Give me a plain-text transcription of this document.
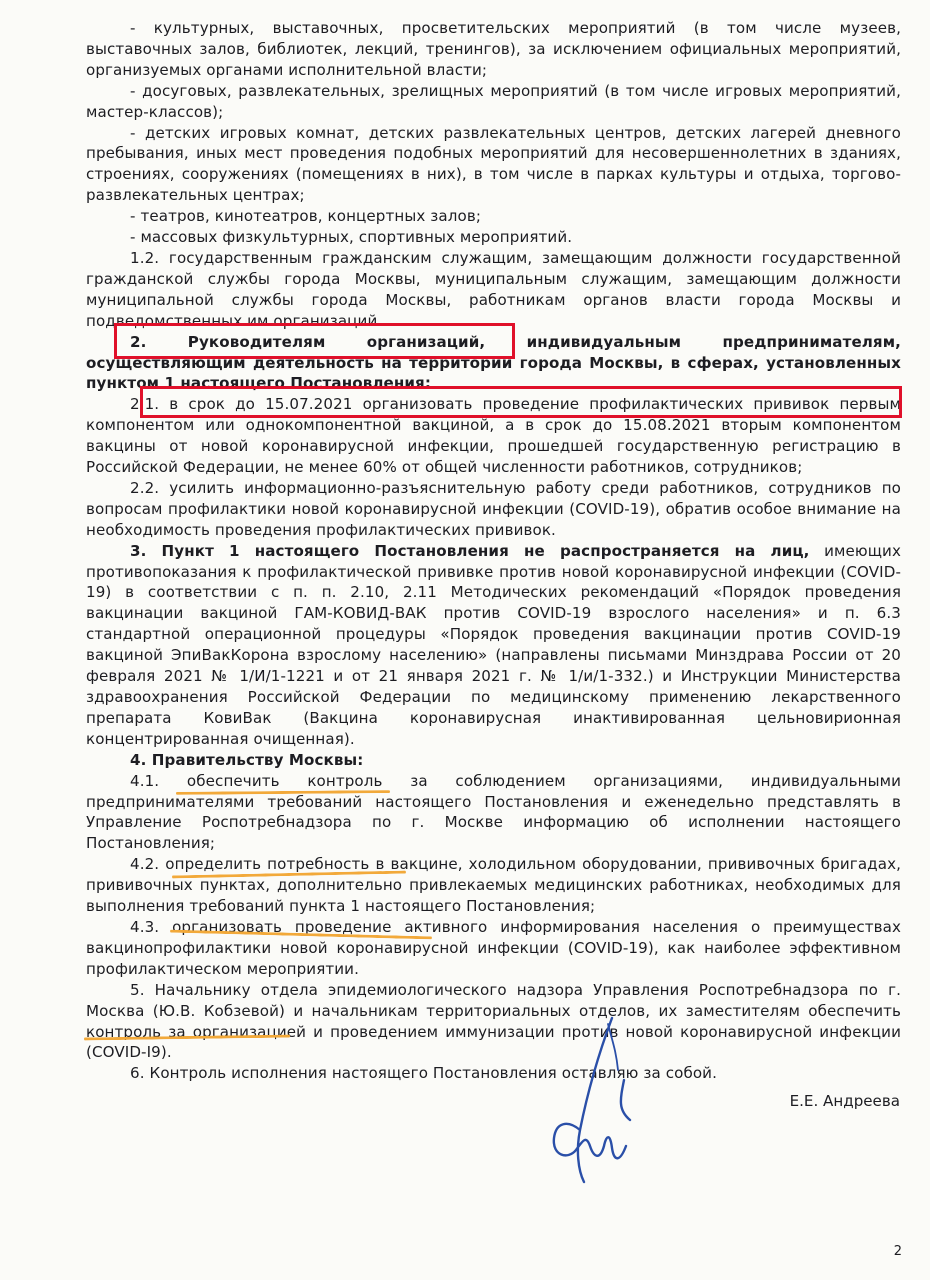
- культурных, выставочных, просветительских мероприятий (в том числе музеев, выставочных залов, библиотек, лекций, тренингов), за исключением официальных мероприятий, организуемых органами исполнительной власти;

- досуговых, развлекательных, зрелищных мероприятий (в том числе игровых мероприятий, мастер-классов);

- детских игровых комнат, детских развлекательных центров, детских лагерей дневного пребывания, иных мест проведения подобных мероприятий для несовершеннолетних в зданиях, строениях, сооружениях (помещениях в них), в том числе в парках культуры и отдыха, торгово-развлекательных центрах;

- театров, кинотеатров, концертных залов;

- массовых физкультурных, спортивных мероприятий.

1.2. государственным гражданским служащим, замещающим должности государственной гражданской службы города Москвы, муниципальным служащим, замещающим должности муниципальной службы города Москвы, работникам органов власти города Москвы и подведомственных им организаций.

2. Руководителям организаций, индивидуальным предпринимателям, осуществляющим деятельность на территории города Москвы, в сферах, установленных пунктом 1 настоящего Постановления:

2.1. в срок до 15.07.2021 организовать проведение профилактических прививок первым компонентом или однокомпонентной вакциной, а в срок до 15.08.2021 вторым компонентом вакцины от новой коронавирусной инфекции, прошедшей государственную регистрацию в Российской Федерации, не менее 60% от общей численности работников, сотрудников;

2.2. усилить информационно-разъяснительную работу среди работников, сотрудников по вопросам профилактики новой коронавирусной инфекции (COVID-19), обратив особое внимание на необходимость проведения профилактических прививок.

3. Пункт 1 настоящего Постановления не распространяется на лиц, имеющих противопоказания к профилактической прививке против новой коронавирусной инфекции (COVID-19) в соответствии с п. п. 2.10, 2.11 Методических рекомендаций «Порядок проведения вакцинации вакциной ГАМ-КОВИД-ВАК против COVID-19 взрослого населения» и п. 6.3 стандартной операционной процедуры «Порядок проведения вакцинации против COVID-19 вакциной ЭпиВакКорона взрослому населению» (направлены письмами Минздрава России от 20 февраля 2021 № 1/И/1-1221 и от 21 января 2021 г. № 1/и/1-332.) и Инструкции Министерства здравоохранения Российской Федерации по медицинскому применению лекарственного препарата КовиВак (Вакцина коронавирусная инактивированная цельновирионная концентрированная очищенная).

4. Правительству Москвы:

4.1. обеспечить контроль за соблюдением организациями, индивидуальными предпринимателями требований настоящего Постановления и еженедельно представлять в Управление Роспотребнадзора по г. Москве информацию об исполнении настоящего Постановления;

4.2. определить потребность в вакцине, холодильном оборудовании, прививочных бригадах, прививочных пунктах, дополнительно привлекаемых медицинских работниках, необходимых для выполнения требований пункта 1 настоящего Постановления;

4.3. организовать проведение активного информирования населения о преимуществах вакцинопрофилактики новой коронавирусной инфекции (COVID-19), как наиболее эффективном профилактическом мероприятии.

5. Начальнику отдела эпидемиологического надзора Управления Роспотребнадзора по г. Москва (Ю.В. Кобзевой) и начальникам территориальных отделов, их заместителям обеспечить контроль за организацией и проведением иммунизации против новой коронавирусной инфекции (COVID-I9).

6. Контроль исполнения настоящего Постановления оставляю за собой.

Е.Е. Андреева
2
